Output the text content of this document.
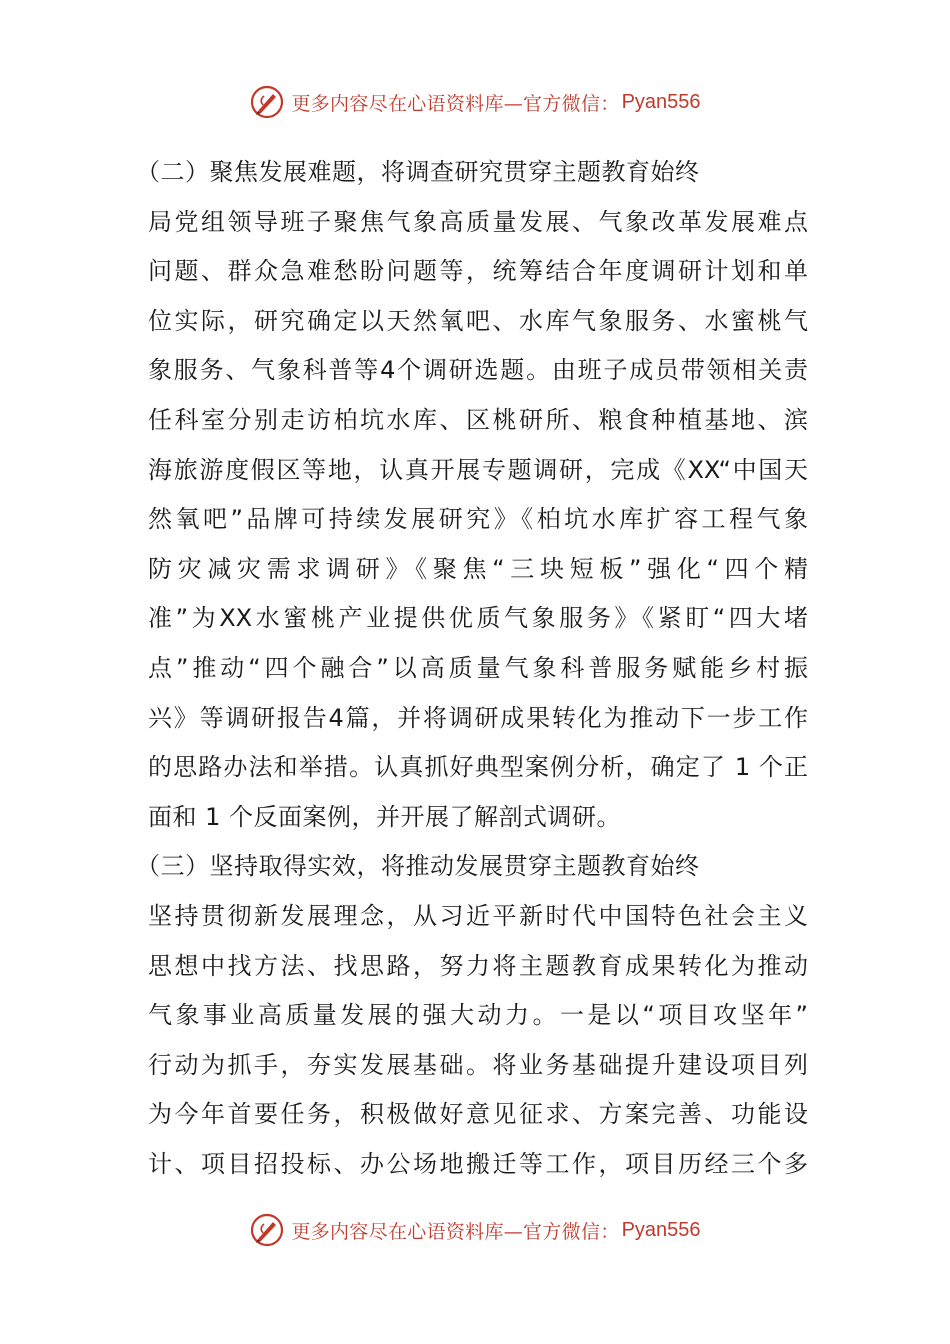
更多内容尽在心语资料库—官方微信： Pyan556
（二）聚焦发展难题，将调查研究贯穿主题教育始终
局党组领导班子聚焦气象高质量发展、气象改革发展难点
问题、群众急难愁盼问题等，统筹结合年度调研计划和单
位实际，研究确定以天然氧吧、水库气象服务、水蜜桃气
象服务、气象科普等4个调研选题。由班子成员带领相关责
任科室分别走访柏坑水库、区桃研所、粮食种植基地、滨
海旅游度假区等地，认真开展专题调研，完成《XX“中国天
然氧吧”品牌可持续发展研究》《柏坑水库扩容工程气象
防灾减灾需求调研》《聚焦“三块短板”强化“四个精
准”为XX水蜜桃产业提供优质气象服务》《紧盯“四大堵
点”推动“四个融合”以高质量气象科普服务赋能乡村振
兴》等调研报告4篇，并将调研成果转化为推动下一步工作
的思路办法和举措。认真抓好典型案例分析，确定了 1 个正
面和 1 个反面案例，并开展了解剖式调研。
（三）坚持取得实效，将推动发展贯穿主题教育始终
坚持贯彻新发展理念，从习近平新时代中国特色社会主义
思想中找方法、找思路，努力将主题教育成果转化为推动
气象事业高质量发展的强大动力。一是以“项目攻坚年”
行动为抓手，夯实发展基础。将业务基础提升建设项目列
为今年首要任务，积极做好意见征求、方案完善、功能设
计、项目招投标、办公场地搬迁等工作，项目历经三个多
更多内容尽在心语资料库—官方微信： Pyan556
